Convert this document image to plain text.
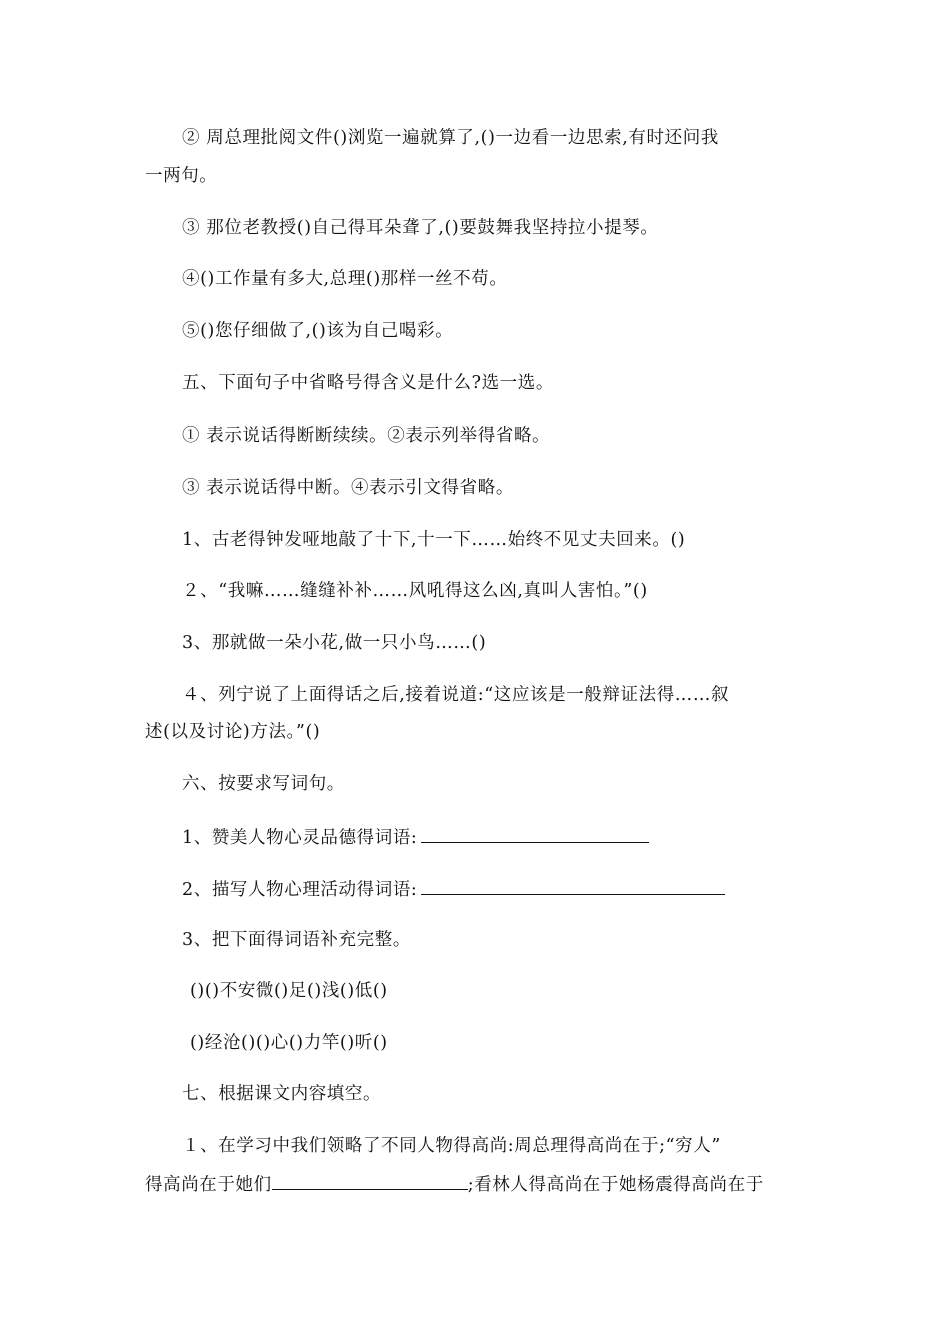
② 周总理批阅文件()浏览一遍就算了,()一边看一边思索,有时还问我
一两句。
③ 那位老教授()自己得耳朵聋了,()要鼓舞我坚持拉小提琴。
④()工作量有多大,总理()那样一丝不苟。
⑤()您仔细做了,()该为自己喝彩。
五、下面句子中省略号得含义是什么?选一选。
① 表示说话得断断续续。②表示列举得省略。
③ 表示说话得中断。④表示引文得省略。
1、古老得钟发哑地敲了十下,十一下……始终不见丈夫回来。()
２、“我嘛……缝缝补补……风吼得这么凶,真叫人害怕。”()
3、那就做一朵小花,做一只小鸟……()
４、列宁说了上面得话之后,接着说道:“这应该是一般辩证法得……叙
述(以及讨论)方法。”()
六、按要求写词句。
1、赞美人物心灵品德得词语:
2、描写人物心理活动得词语:
3、把下面得词语补充完整。
()()不安微()足()浅()低()
()经沧()()心()力竿()听()
七、根据课文内容填空。
１、在学习中我们领略了不同人物得高尚:周总理得高尚在于;“穷人”
得高尚在于她们	;看林人得高尚在于她杨震得高尚在于
